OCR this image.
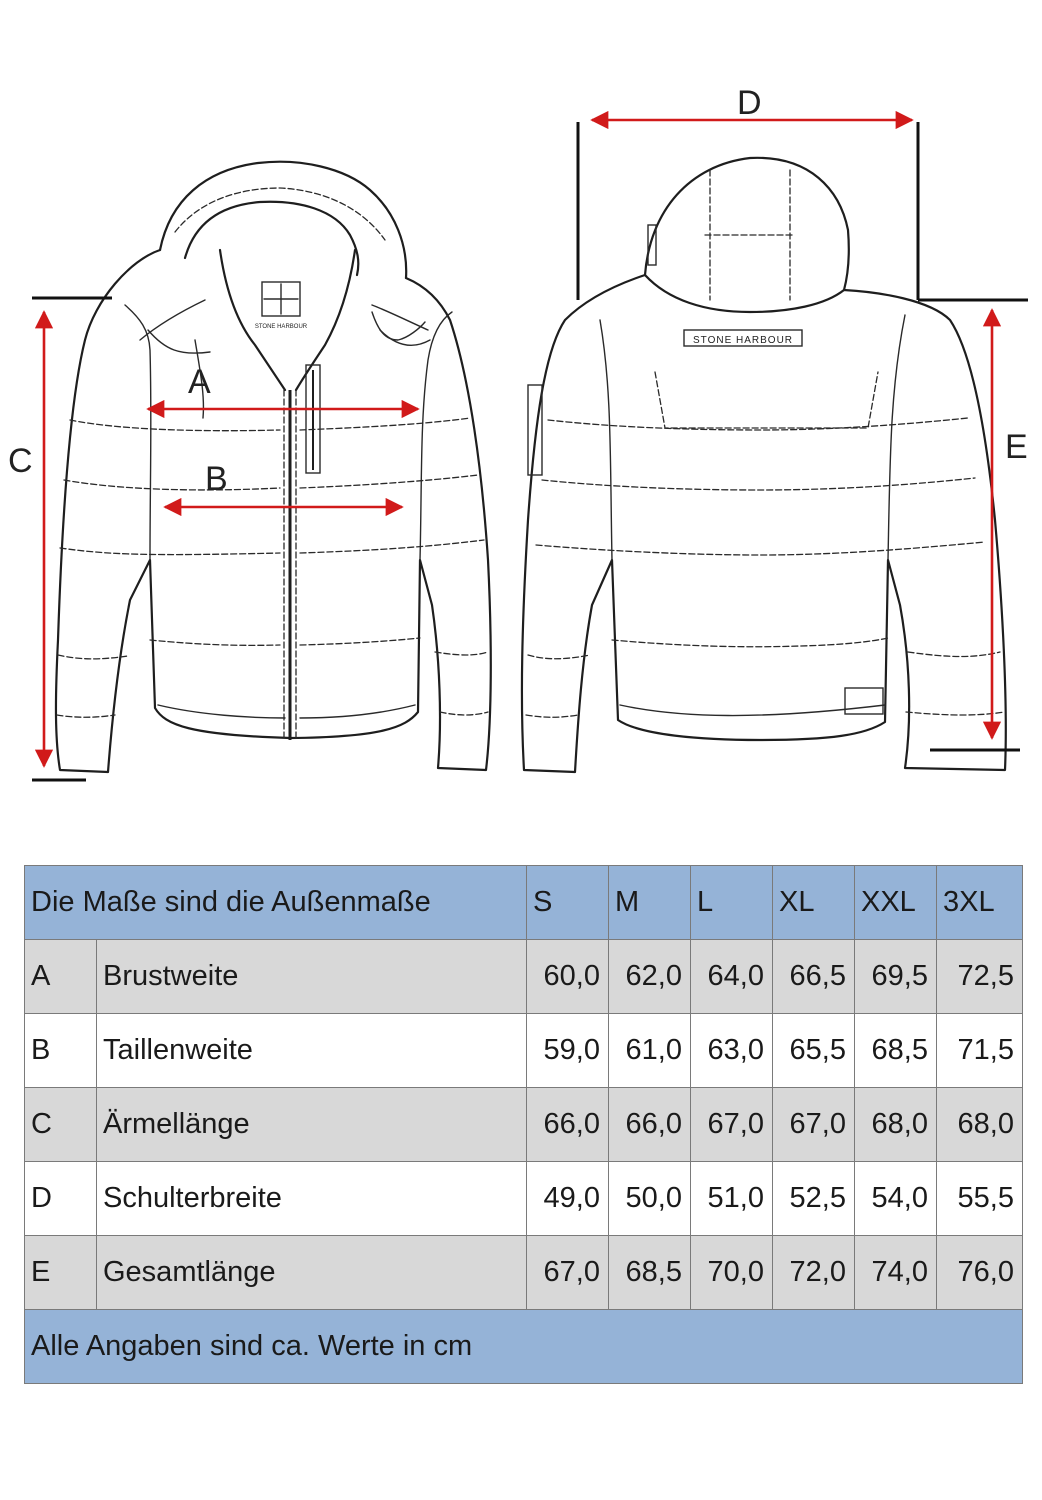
STONE HARBOUR
STONE HARBOUR
C
A
B
D
E
Die Maße sind die Außenmaße		S	M	L	XL	XXL	3XL
A	Brustweite	60,0	62,0	64,0	66,5	69,5	72,5
B	Taillenweite	59,0	61,0	63,0	65,5	68,5	71,5
C	Ärmellänge	66,0	66,0	67,0	67,0	68,0	68,0
D	Schulterbreite	49,0	50,0	51,0	52,5	54,0	55,5
E	Gesamtlänge	67,0	68,5	70,0	72,0	74,0	76,0
Alle Angaben sind ca. Werte in cm							
